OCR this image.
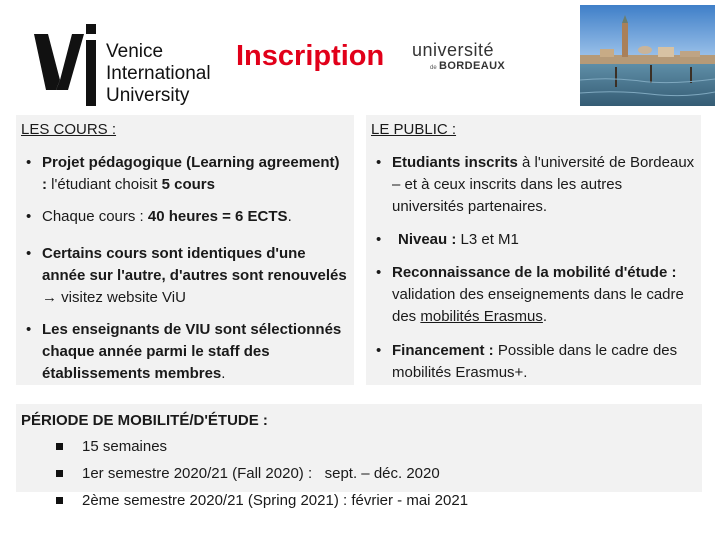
Venice
International
University
Inscription université
de BORDEAUX
LES COURS :
• Projet pédagogique (Learning agreement) : l'étudiant choisit 5 cours
• Chaque cours : 40 heures = 6 ECTS.
• Certains cours sont identiques d'une année sur l'autre, d'autres sont renouvelés → visitez website ViU
• Les enseignants de VIU sont sélectionnés chaque année parmi le staff des établissements membres.
LE PUBLIC :
• Etudiants inscrits à l'université de Bordeaux – et à ceux inscrits dans les autres universités partenaires.
• Niveau : L3 et M1
• Reconnaissance de la mobilité d'étude : validation des enseignements dans le cadre des mobilités Erasmus.
• Financement : Possible dans le cadre des mobilités Erasmus+.
PÉRIODE DE MOBILITÉ/D'ÉTUDE :
15 semaines
1er semestre 2020/21 (Fall 2020) :   sept. – déc. 2020
2ème semestre 2020/21 (Spring 2021) : février - mai 2021
